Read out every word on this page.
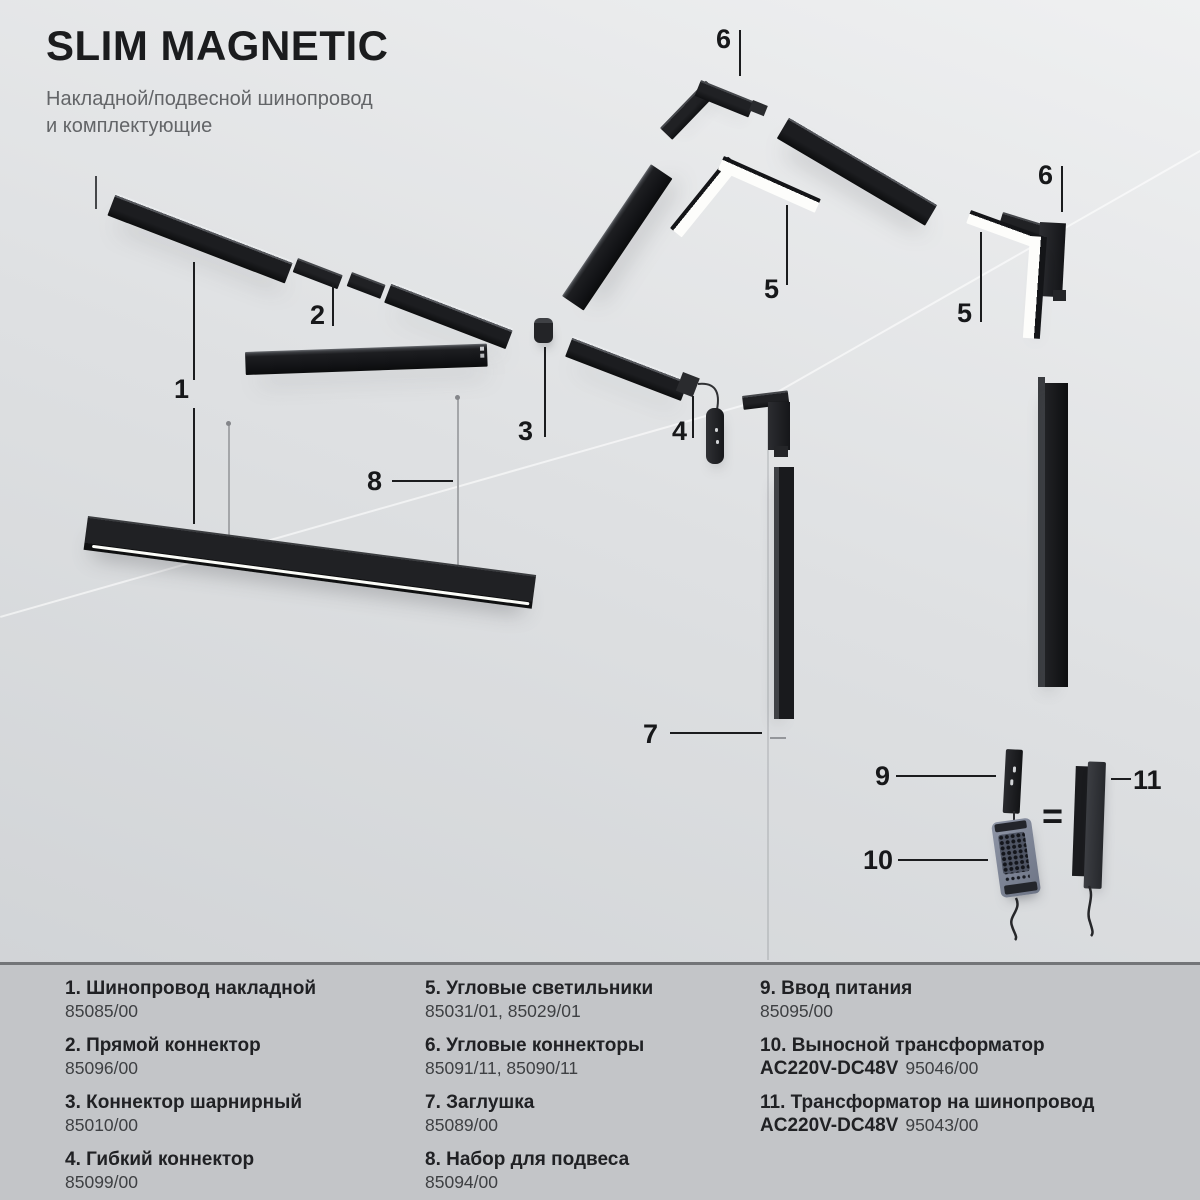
SLIM MAGNETIC
Накладной/подвесной шинопровод
и комплектующие
=
1
2
3	4
6
5
6
5
7
8
9
10
11
1. Шинопровод накладной
85085/00
2. Прямой коннектор
85096/00
3. Коннектор шарнирный
85010/00
4. Гибкий коннектор
85099/00
5. Угловые светильники
85031/01, 85029/01
6. Угловые коннекторы
85091/11, 85090/11
7. Заглушка
85089/00
8. Набор для подвеса
85094/00
9. Ввод питания
85095/00
10. Выносной трансформатор
AC220V-DC48V 95046/00
11. Трансформатор на шинопровод
AC220V-DC48V 95043/00
